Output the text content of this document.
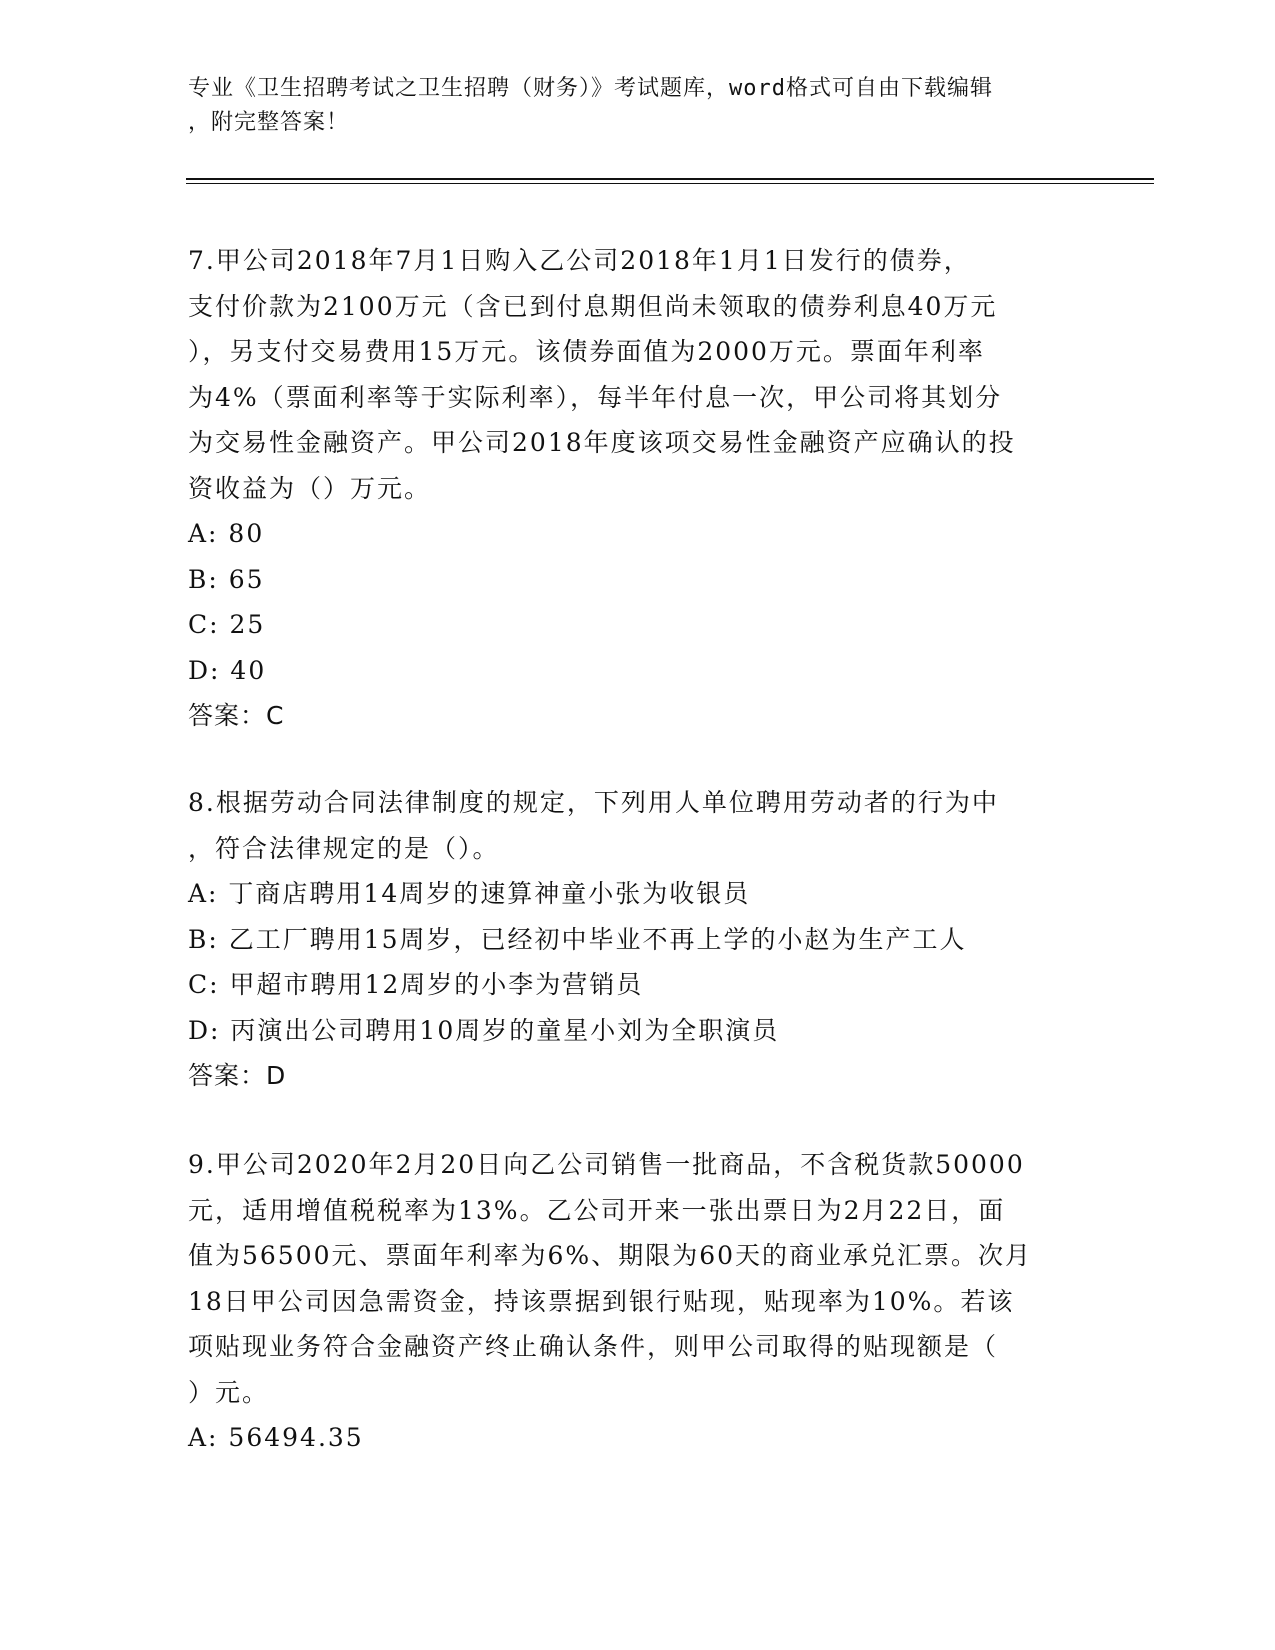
专业《卫生招聘考试之卫生招聘（财务）》考试题库，word格式可自由下载编辑
，附完整答案！

7.甲公司2018年7月1日购入乙公司2018年1月1日发行的债券，
支付价款为2100万元（含已到付息期但尚未领取的债券利息40万元
），另支付交易费用15万元。该债券面值为2000万元。票面年利率
为4%（票面利率等于实际利率），每半年付息一次，甲公司将其划分
为交易性金融资产。甲公司2018年度该项交易性金融资产应确认的投
资收益为（）万元。

A: 80

B: 65

C: 25

D: 40

答案：C

8.根据劳动合同法律制度的规定，下列用人单位聘用劳动者的行为中
，符合法律规定的是（）。

A: 丁商店聘用14周岁的速算神童小张为收银员

B: 乙工厂聘用15周岁，已经初中毕业不再上学的小赵为生产工人

C: 甲超市聘用12周岁的小李为营销员

D: 丙演出公司聘用10周岁的童星小刘为全职演员

答案：D

9.甲公司2020年2月20日向乙公司销售一批商品，不含税货款50000
元，适用增值税税率为13%。乙公司开来一张出票日为2月22日，面
值为56500元、票面年利率为6%、期限为60天的商业承兑汇票。次月
18日甲公司因急需资金，持该票据到银行贴现，贴现率为10%。若该
项贴现业务符合金融资产终止确认条件，则甲公司取得的贴现额是（
）元。

A: 56494.35
